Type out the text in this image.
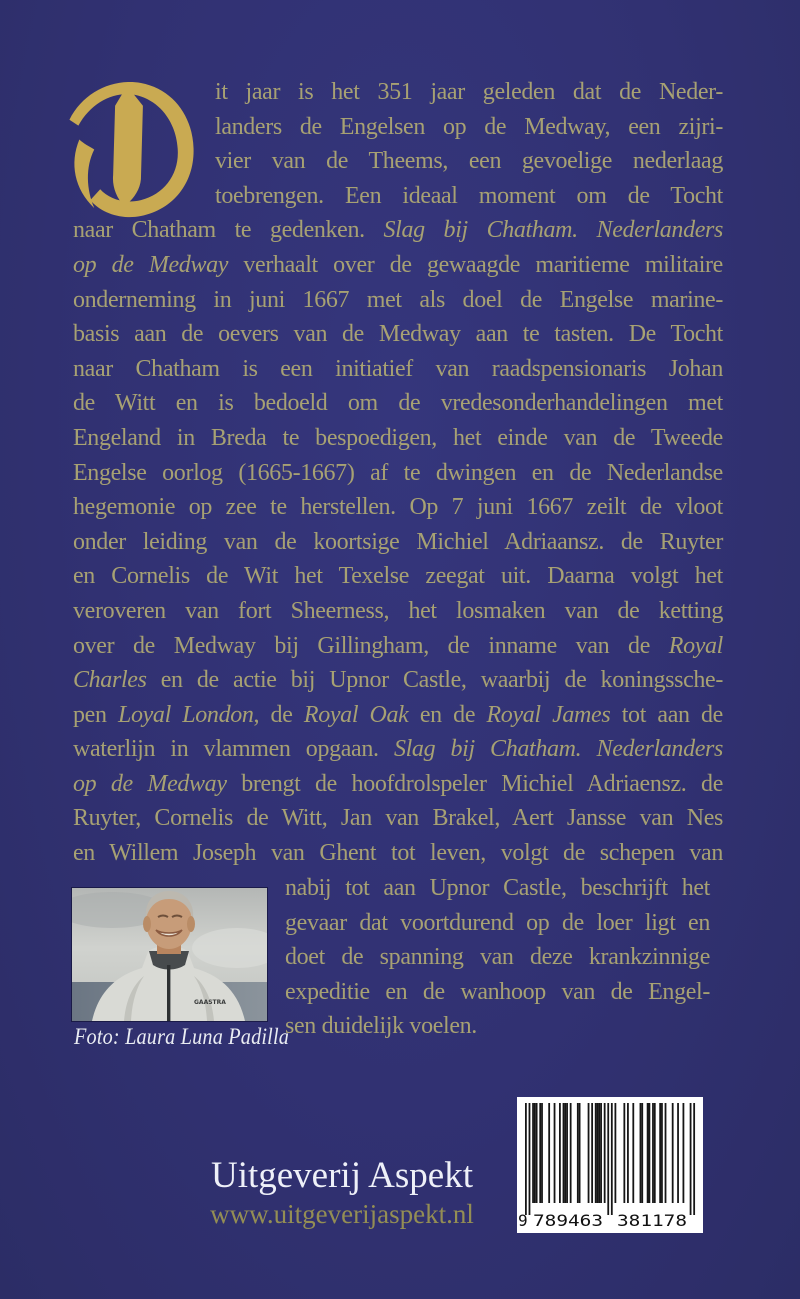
it jaar is het 351 jaar geleden dat de Neder-
landers de Engelsen op de Medway, een zijri-
vier van de Theems, een gevoelige nederlaag
toebrengen. Een ideaal moment om de Tocht
naar Chatham te gedenken. Slag bij Chatham. Nederlanders
op de Medway verhaalt over de gewaagde maritieme militaire
onderneming in juni 1667 met als doel de Engelse marine-
basis aan de oevers van de Medway aan te tasten. De Tocht
naar Chatham is een initiatief van raadspensionaris Johan
de Witt en is bedoeld om de vredesonderhandelingen met
Engeland in Breda te bespoedigen, het einde van de Tweede
Engelse oorlog (1665-1667) af te dwingen en de Nederlandse
hegemonie op zee te herstellen. Op 7 juni 1667 zeilt de vloot
onder leiding van de koortsige Michiel Adriaansz. de Ruyter
en Cornelis de Wit het Texelse zeegat uit. Daarna volgt het
veroveren van fort Sheerness, het losmaken van de ketting
over de Medway bij Gillingham, de inname van de Royal
Charles en de actie bij Upnor Castle, waarbij de koningssche-
pen Loyal London, de Royal Oak en de Royal James tot aan de
waterlijn in vlammen opgaan. Slag bij Chatham. Nederlanders
op de Medway brengt de hoofdrolspeler Michiel Adriaensz. de
Ruyter, Cornelis de Witt, Jan van Brakel, Aert Jansse van Nes
en Willem Joseph van Ghent tot leven, volgt de schepen van
nabij tot aan Upnor Castle, beschrijft het
gevaar dat voortdurend op de loer ligt en
doet de spanning van deze krankzinnige
expeditie en de wanhoop van de Engel-
sen duidelijk voelen.
GAASTRA
Foto: Laura Luna Padilla
Uitgeverij Aspekt
www.uitgeverijaspekt.nl	9 789463 381178
